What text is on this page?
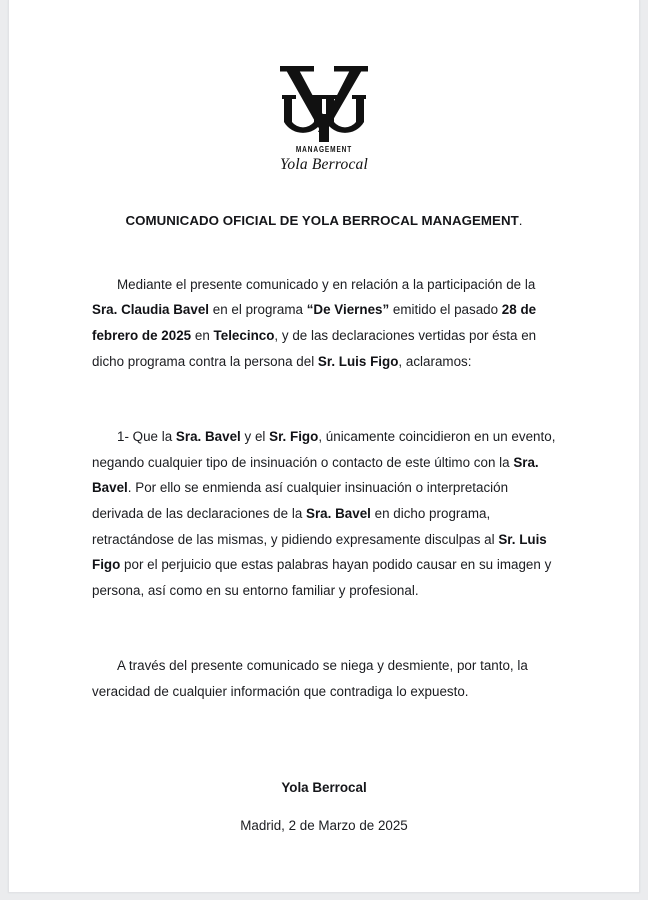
MANAGEMENT
Yola Berrocal
COMUNICADO OFICIAL DE YOLA BERROCAL MANAGEMENT.

Mediante el presente comunicado y en relación a la participación de la Sra. Claudia Bavel en el programa “De Viernes” emitido el pasado 28 de febrero de 2025 en Telecinco, y de las declaraciones vertidas por ésta en dicho programa contra la persona del Sr. Luis Figo, aclaramos:

1- Que la Sra. Bavel y el Sr. Figo, únicamente coincidieron en un evento, negando cualquier tipo de insinuación o contacto de este último con la Sra. Bavel. Por ello se enmienda así cualquier insinuación o interpretación derivada de las declaraciones de la Sra. Bavel en dicho programa, retractándose de las mismas, y pidiendo expresamente disculpas al Sr. Luis Figo por el perjuicio que estas palabras hayan podido causar en su imagen y persona, así como en su entorno familiar y profesional.

A través del presente comunicado se niega y desmiente, por tanto, la veracidad de cualquier información que contradiga lo expuesto.

Yola Berrocal

Madrid, 2 de Marzo de 2025
